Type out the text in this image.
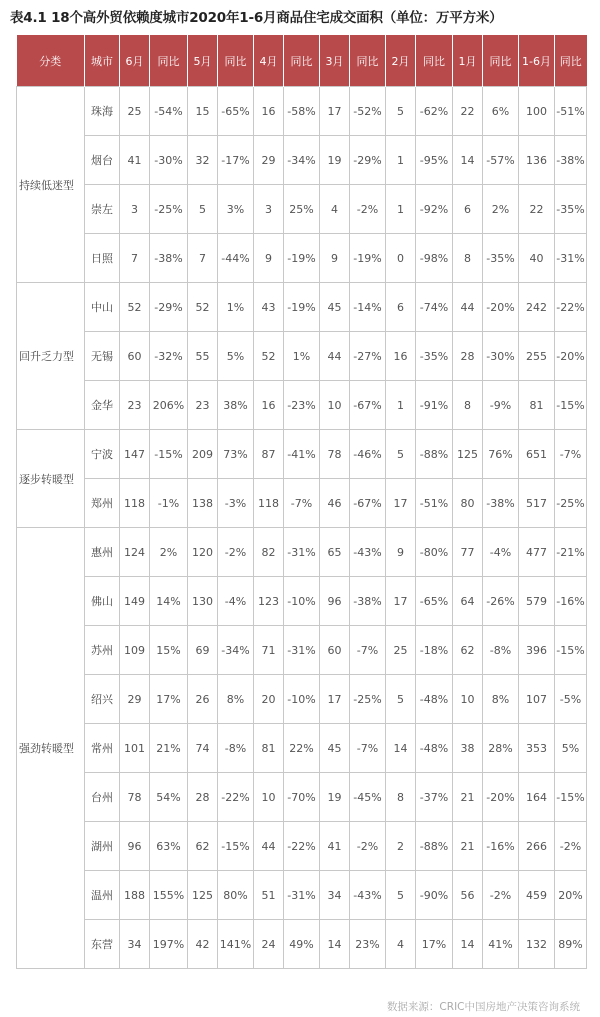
表4.1 18个高外贸依赖度城市2020年1-6月商品住宅成交面积（单位：万平方米）
分类	城市	6月	同比	5月	同比	4月	同比	3月	同比	2月	同比	1月	同比	1-6月	同比
持续低迷型	珠海	25	-54%	15	-65%	16	-58%	17	-52%	5	-62%	22	6%	100	-51%
	烟台	41	-30%	32	-17%	29	-34%	19	-29%	1	-95%	14	-57%	136	-38%
	崇左	3	-25%	5	3%	3	25%	4	-2%	1	-92%	6	2%	22	-35%
	日照	7	-38%	7	-44%	9	-19%	9	-19%	0	-98%	8	-35%	40	-31%
回升乏力型	中山	52	-29%	52	1%	43	-19%	45	-14%	6	-74%	44	-20%	242	-22%
	无锡	60	-32%	55	5%	52	1%	44	-27%	16	-35%	28	-30%	255	-20%
	金华	23	206%	23	38%	16	-23%	10	-67%	1	-91%	8	-9%	81	-15%
逐步转暖型	宁波	147	-15%	209	73%	87	-41%	78	-46%	5	-88%	125	76%	651	-7%
	郑州	118	-1%	138	-3%	118	-7%	46	-67%	17	-51%	80	-38%	517	-25%
强劲转暖型	惠州	124	2%	120	-2%	82	-31%	65	-43%	9	-80%	77	-4%	477	-21%
	佛山	149	14%	130	-4%	123	-10%	96	-38%	17	-65%	64	-26%	579	-16%
	苏州	109	15%	69	-34%	71	-31%	60	-7%	25	-18%	62	-8%	396	-15%
	绍兴	29	17%	26	8%	20	-10%	17	-25%	5	-48%	10	8%	107	-5%
	常州	101	21%	74	-8%	81	22%	45	-7%	14	-48%	38	28%	353	5%
	台州	78	54%	28	-22%	10	-70%	19	-45%	8	-37%	21	-20%	164	-15%
	湖州	96	63%	62	-15%	44	-22%	41	-2%	2	-88%	21	-16%	266	-2%
	温州	188	155%	125	80%	51	-31%	34	-43%	5	-90%	56	-2%	459	20%
	东营	34	197%	42	141%	24	49%	14	23%	4	17%	14	41%	132	89%
数据来源：CRIC中国房地产决策咨询系统
